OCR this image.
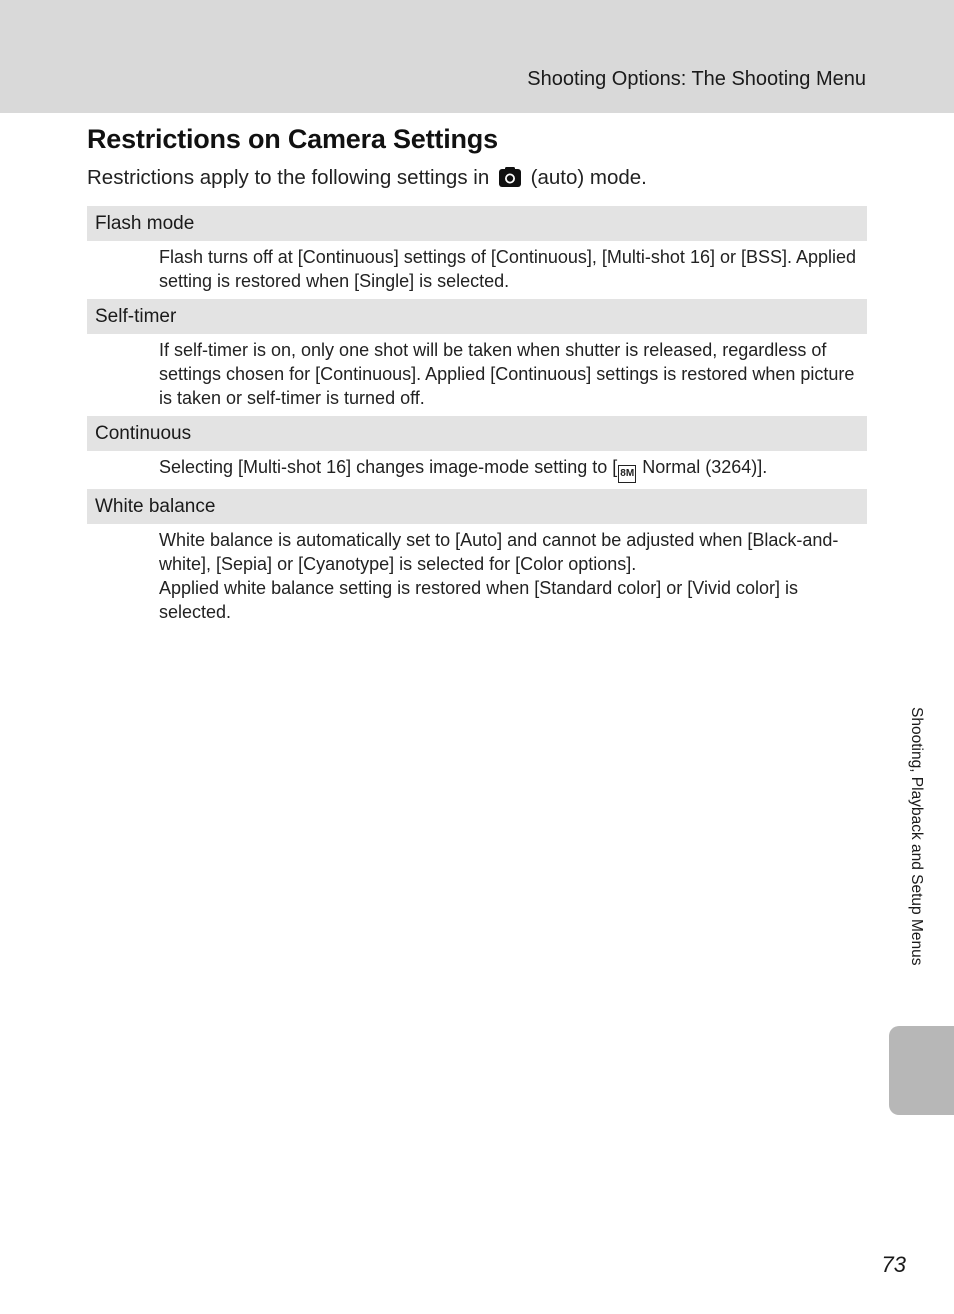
Shooting Options: The Shooting Menu
Restrictions on Camera Settings
Restrictions apply to the following settings in (auto) mode.
Flash mode

Flash turns off at [Continuous] settings of [Continuous], [Multi-shot 16] or [BSS]. Applied setting is restored when [Single] is selected.

Self-timer

If self-timer is on, only one shot will be taken when shutter is released, regardless of settings chosen for [Continuous]. Applied [Continuous] settings is restored when picture is taken or self-timer is turned off.

Continuous

Selecting [Multi-shot 16] changes image-mode setting to [ 8M Normal (3264)].

White balance

White balance is automatically set to [Auto] and cannot be adjusted when [Black-and-white], [Sepia] or [Cyanotype] is selected for [Color options].

Applied white balance setting is restored when [Standard color] or [Vivid color] is selected.

Shooting, Playback and Setup Menus
73
